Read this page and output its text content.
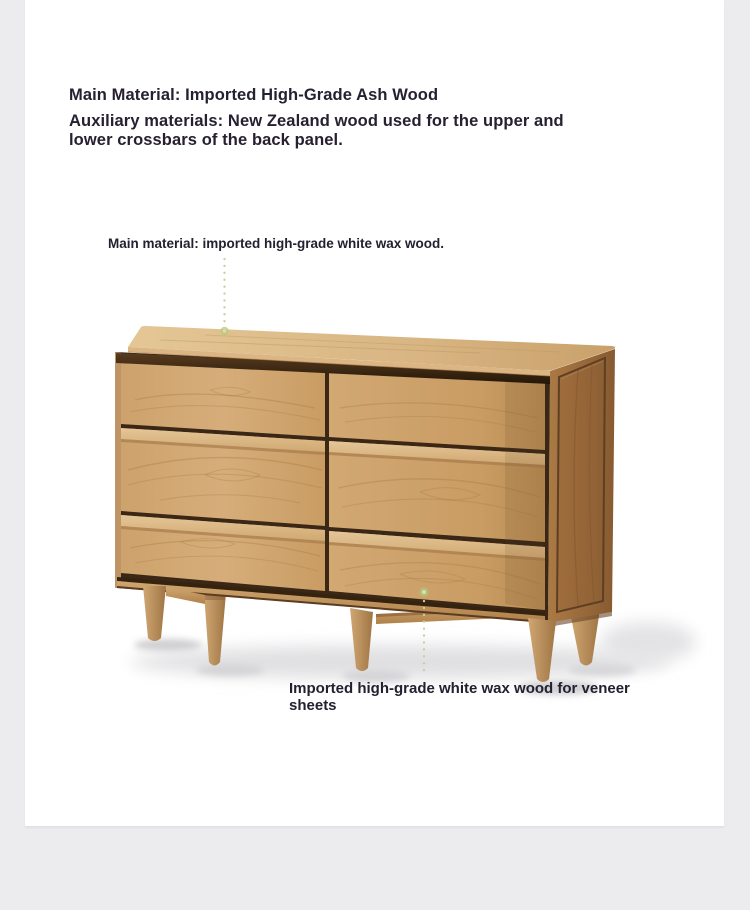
Main Material: Imported High-Grade Ash Wood
Auxiliary materials: New Zealand wood used for the upper and lower crossbars of the back panel.
Main material: imported high-grade white wax wood.
Imported high-grade white wax wood for veneer sheets
